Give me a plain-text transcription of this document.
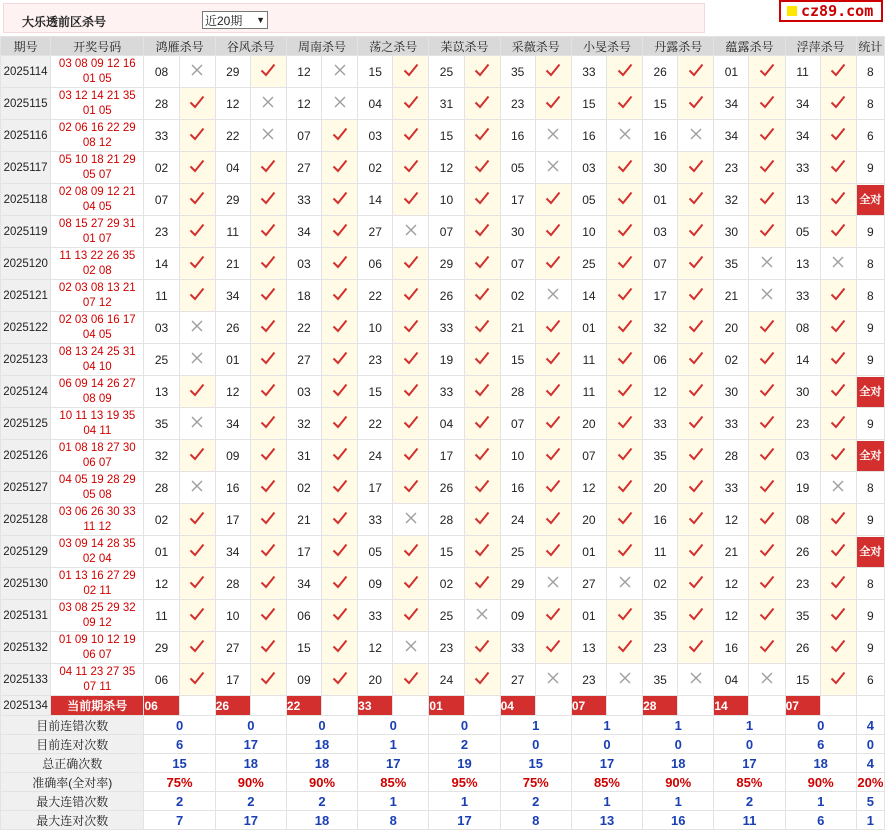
大乐透前区杀号	近20期 ▼	cz89.com
期号	开奖号码	鸿雁杀号		谷风杀号		周南杀号		荡之杀号		苿苡杀号		采薇杀号		小旻杀号		丹露杀号		蕴露杀号		浮萍杀号		统计
2025114	03 08 09 12 16
01 05	08		29		12		15		25		35		33		26		01		11		8
2025115	03 12 14 21 35
01 05	28		12		12		04		31		23		15		15		34		34		8
2025116	02 06 16 22 29
08 12	33		22		07		03		15		16		16		16		34		34		6
2025117	05 10 18 21 29
05 07	02		04		27		02		12		05		03		30		23		33		9
2025118	02 08 09 12 21
04 05	07		29		33		14		10		17		05		01		32		13		全对
2025119	08 15 27 29 31
01 07	23		11		34		27		07		30		10		03		30		05		9
2025120	11 13 22 26 35
02 08	14		21		03		06		29		07		25		07		35		13		8
2025121	02 03 08 13 21
07 12	11		34		18		22		26		02		14		17		21		33		8
2025122	02 03 06 16 17
04 05	03		26		22		10		33		21		01		32		20		08		9
2025123	08 13 24 25 31
04 10	25		01		27		23		19		15		11		06		02		14		9
2025124	06 09 14 26 27
08 09	13		12		03		15		33		28		11		12		30		30		全对
2025125	10 11 13 19 35
04 11	35		34		32		22		04		07		20		33		33		23		9
2025126	01 08 18 27 30
06 07	32		09		31		24		17		10		07		35		28		03		全对
2025127	04 05 19 28 29
05 08	28		16		02		17		26		16		12		20		33		19		8
2025128	03 06 26 30 33
11 12	02		17		21		33		28		24		20		16		12		08		9
2025129	03 09 14 28 35
02 04	01		34		17		05		15		25		01		11		21		26		全对
2025130	01 13 16 27 29
02 11	12		28		34		09		02		29		27		02		12		23		8
2025131	03 08 25 29 32
09 12	11		10		06		33		25		09		01		35		12		35		9
2025132	01 09 10 12 19
06 07	29		27		15		12		23		33		13		23		16		26		9
2025133	04 11 23 27 35
07 11	06		17		09		20		24		27		23		35		04		15		6
2025134	当前期杀号	06		26		22		33		01		04		07		28		14		07		
目前连错次数		0		0		0		0		0		1		1		1		1		0		4
目前连对次数		6		17		18		1		2		0		0		0		0		6		0
总正确次数		15		18		18		17		19		15		17		18		17		18		4
准确率(全对率)		75%		90%		90%		85%		95%		75%		85%		90%		85%		90%		20%
最大连错次数		2		2		2		1		1		2		1		1		2		1		5
最大连对次数		7		17		18		8		17		8		13		16		11		6		1
